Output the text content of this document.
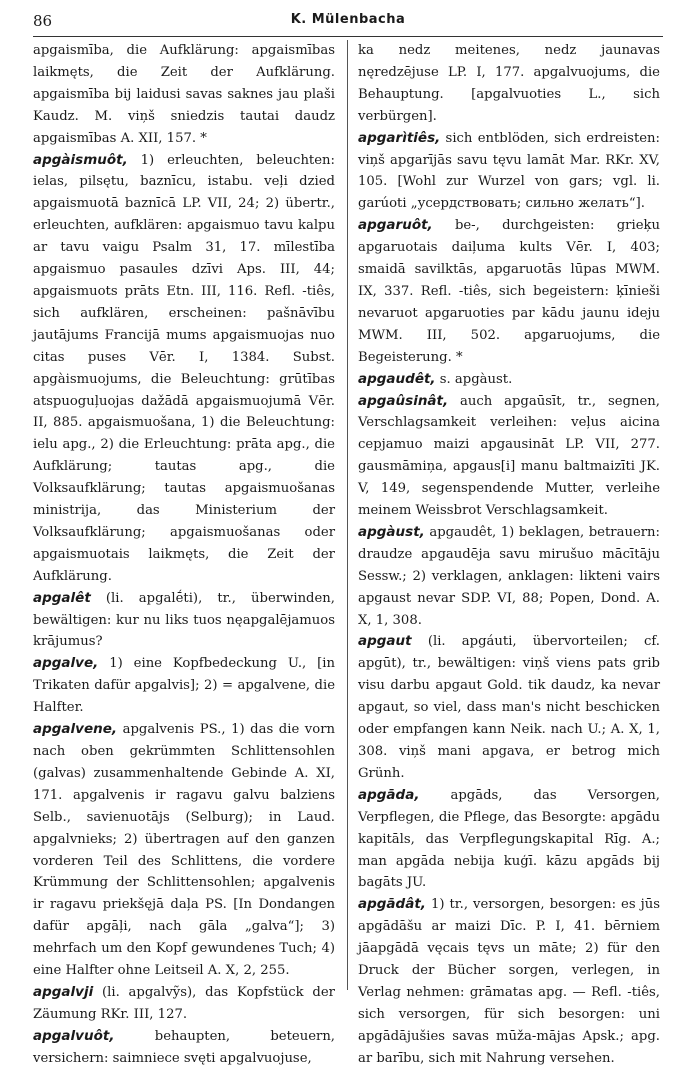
86	K. Mülenbacha

apgaismība, die Aufklärung: apgaismības laikmęts, die Zeit der Aufklärung. apgaismība bij laidusi savas saknes jau plaši Kaudz. M. viņš sniedzis tautai daudz apgaismības A. XII, 157. *

apgàismuôt, 1) erleuchten, beleuchten: ielas, pilsętu, baznīcu, istabu. veļi dzied apgaismuotā baznīcā LP. VII, 24; 2) übertr., erleuchten, aufklären: apgaismuo tavu kalpu ar tavu vaigu Psalm 31, 17. mīlestība apgaismuo pasaules dzīvi Aps. III, 44; apgaismuots prāts Etn. III, 116. Refl. -tiês, sich aufklären, erscheinen: pašnāvību jautājums Francijā mums apgaismuojas nuo citas puses Vēr. I, 1384. Subst. apgàismuojums, die Beleuchtung: grūtības atspuoguļuojas dažādā apgaismuojumā Vēr. II, 885. apgaismuošana, 1) die Beleuchtung: ielu apg., 2) die Erleuchtung: prāta apg., die Aufklärung; tautas apg., die Volksaufklärung; tautas apgaismuošanas ministrija, das Ministerium der Volksaufklärung; apgaismuošanas oder apgaismuotais laikmęts, die Zeit der Aufklärung.

apgalêt (li. apgalḗti), tr., überwinden, bewältigen: kur nu liks tuos nęapgalējamuos krājumus?

apgalve, 1) eine Kopfbedeckung U., [in Trikaten dafür apgalvis]; 2) = apgalvene, die Halfter.

apgalvene, apgalvenis PS., 1) das die vorn nach oben gekrümmten Schlittensohlen (galvas) zusammenhaltende Gebinde A. XI, 171. apgalvenis ir ragavu galvu balziens Selb., savienuotājs (Selburg); in Laud. apgalvnieks; 2) übertragen auf den ganzen vorderen Teil des Schlittens, die vordere Krümmung der Schlittensohlen; apgalvenis ir ragavu priekšęjā daļa PS. [In Dondangen dafür apgāļi, nach gāla „galva“]; 3) mehrfach um den Kopf gewundenes Tuch; 4) eine Halfter ohne Leitseil A. X, 2, 255.

apgalvji (li. apgalvỹs), das Kopfstück der Zäumung RKr. III, 127.

apgalvuôt,	behaupten, beteuern, versichern: saimniece svęti apgalvuojuse,

ka nedz meitenes, nedz jaunavas nęredzējuse LP. I, 177. apgalvuojums, die Behauptung. [apgalvuoties L., sich verbürgen].

apgarìtiês, sich entblöden, sich erdreisten: viņš apgarījās savu tęvu lamāt Mar. RKr. XV, 105. [Wohl zur Wurzel von gars; vgl. li. garúoti „усердствовать; сильно желать“].

apgaruôt, be-, durchgeisten: grieķu apgaruotais daiļuma kults Vēr. I, 403; smaidā savilktās, apgaruotās lūpas MWM. IX, 337. Refl. -tiês, sich begeistern: ķīnieši nevaruot apgaruoties par kādu jaunu ideju MWM. III, 502. apgaruojums, die Begeisterung. *

apgaudêt, s. apgàust.

apgaûsinât, auch apgaūsīt, tr., segnen, Verschlagsamkeit verleihen: veļus aicina cepjamuo maizi apgausināt LP. VII, 277. gausmāmiņa, apgaus[i] manu baltmaizīti JK. V, 149, segenspendende Mutter, verleihe meinem Weissbrot Verschlagsamkeit.

apgàust, apgaudêt, 1) beklagen, betrauern: draudze apgaudēja savu mirušuo mācītāju Sessw.; 2) verklagen, anklagen: likteni vairs apgaust nevar SDP. VI, 88; Popen, Dond. A. X, 1, 308.

apgaut (li. apgáuti, übervorteilen; cf. apgūt), tr., bewältigen: viņš viens pats grib visu darbu apgaut Gold. tik daudz, ka nevar apgaut, so viel, dass man's nicht beschicken oder empfangen kann Neik. nach U.; A. X, 1, 308. viņš mani apgava, er betrog mich Grünh.

apgāda, apgāds, das Versorgen, Verpflegen, die Pflege, das Besorgte: apgādu kapitāls, das Verpflegungskapital Rīg. A.; man apgāda nebija kuģī. kāzu apgāds bij bagāts JU.

apgādât, 1) tr., versorgen, besorgen: es jūs apgādāšu ar maizi Dīc. P. I, 41. bērniem jāapgādā vęcais tęvs un māte; 2) für den Druck der Bücher sorgen, verlegen, in Verlag nehmen: grāmatas apg. — Refl. -tiês, sich versorgen, für sich besorgen: uni apgādājušies savas mūža-mājas Apsk.; apg. ar barību, sich mit Nahrung versehen.
